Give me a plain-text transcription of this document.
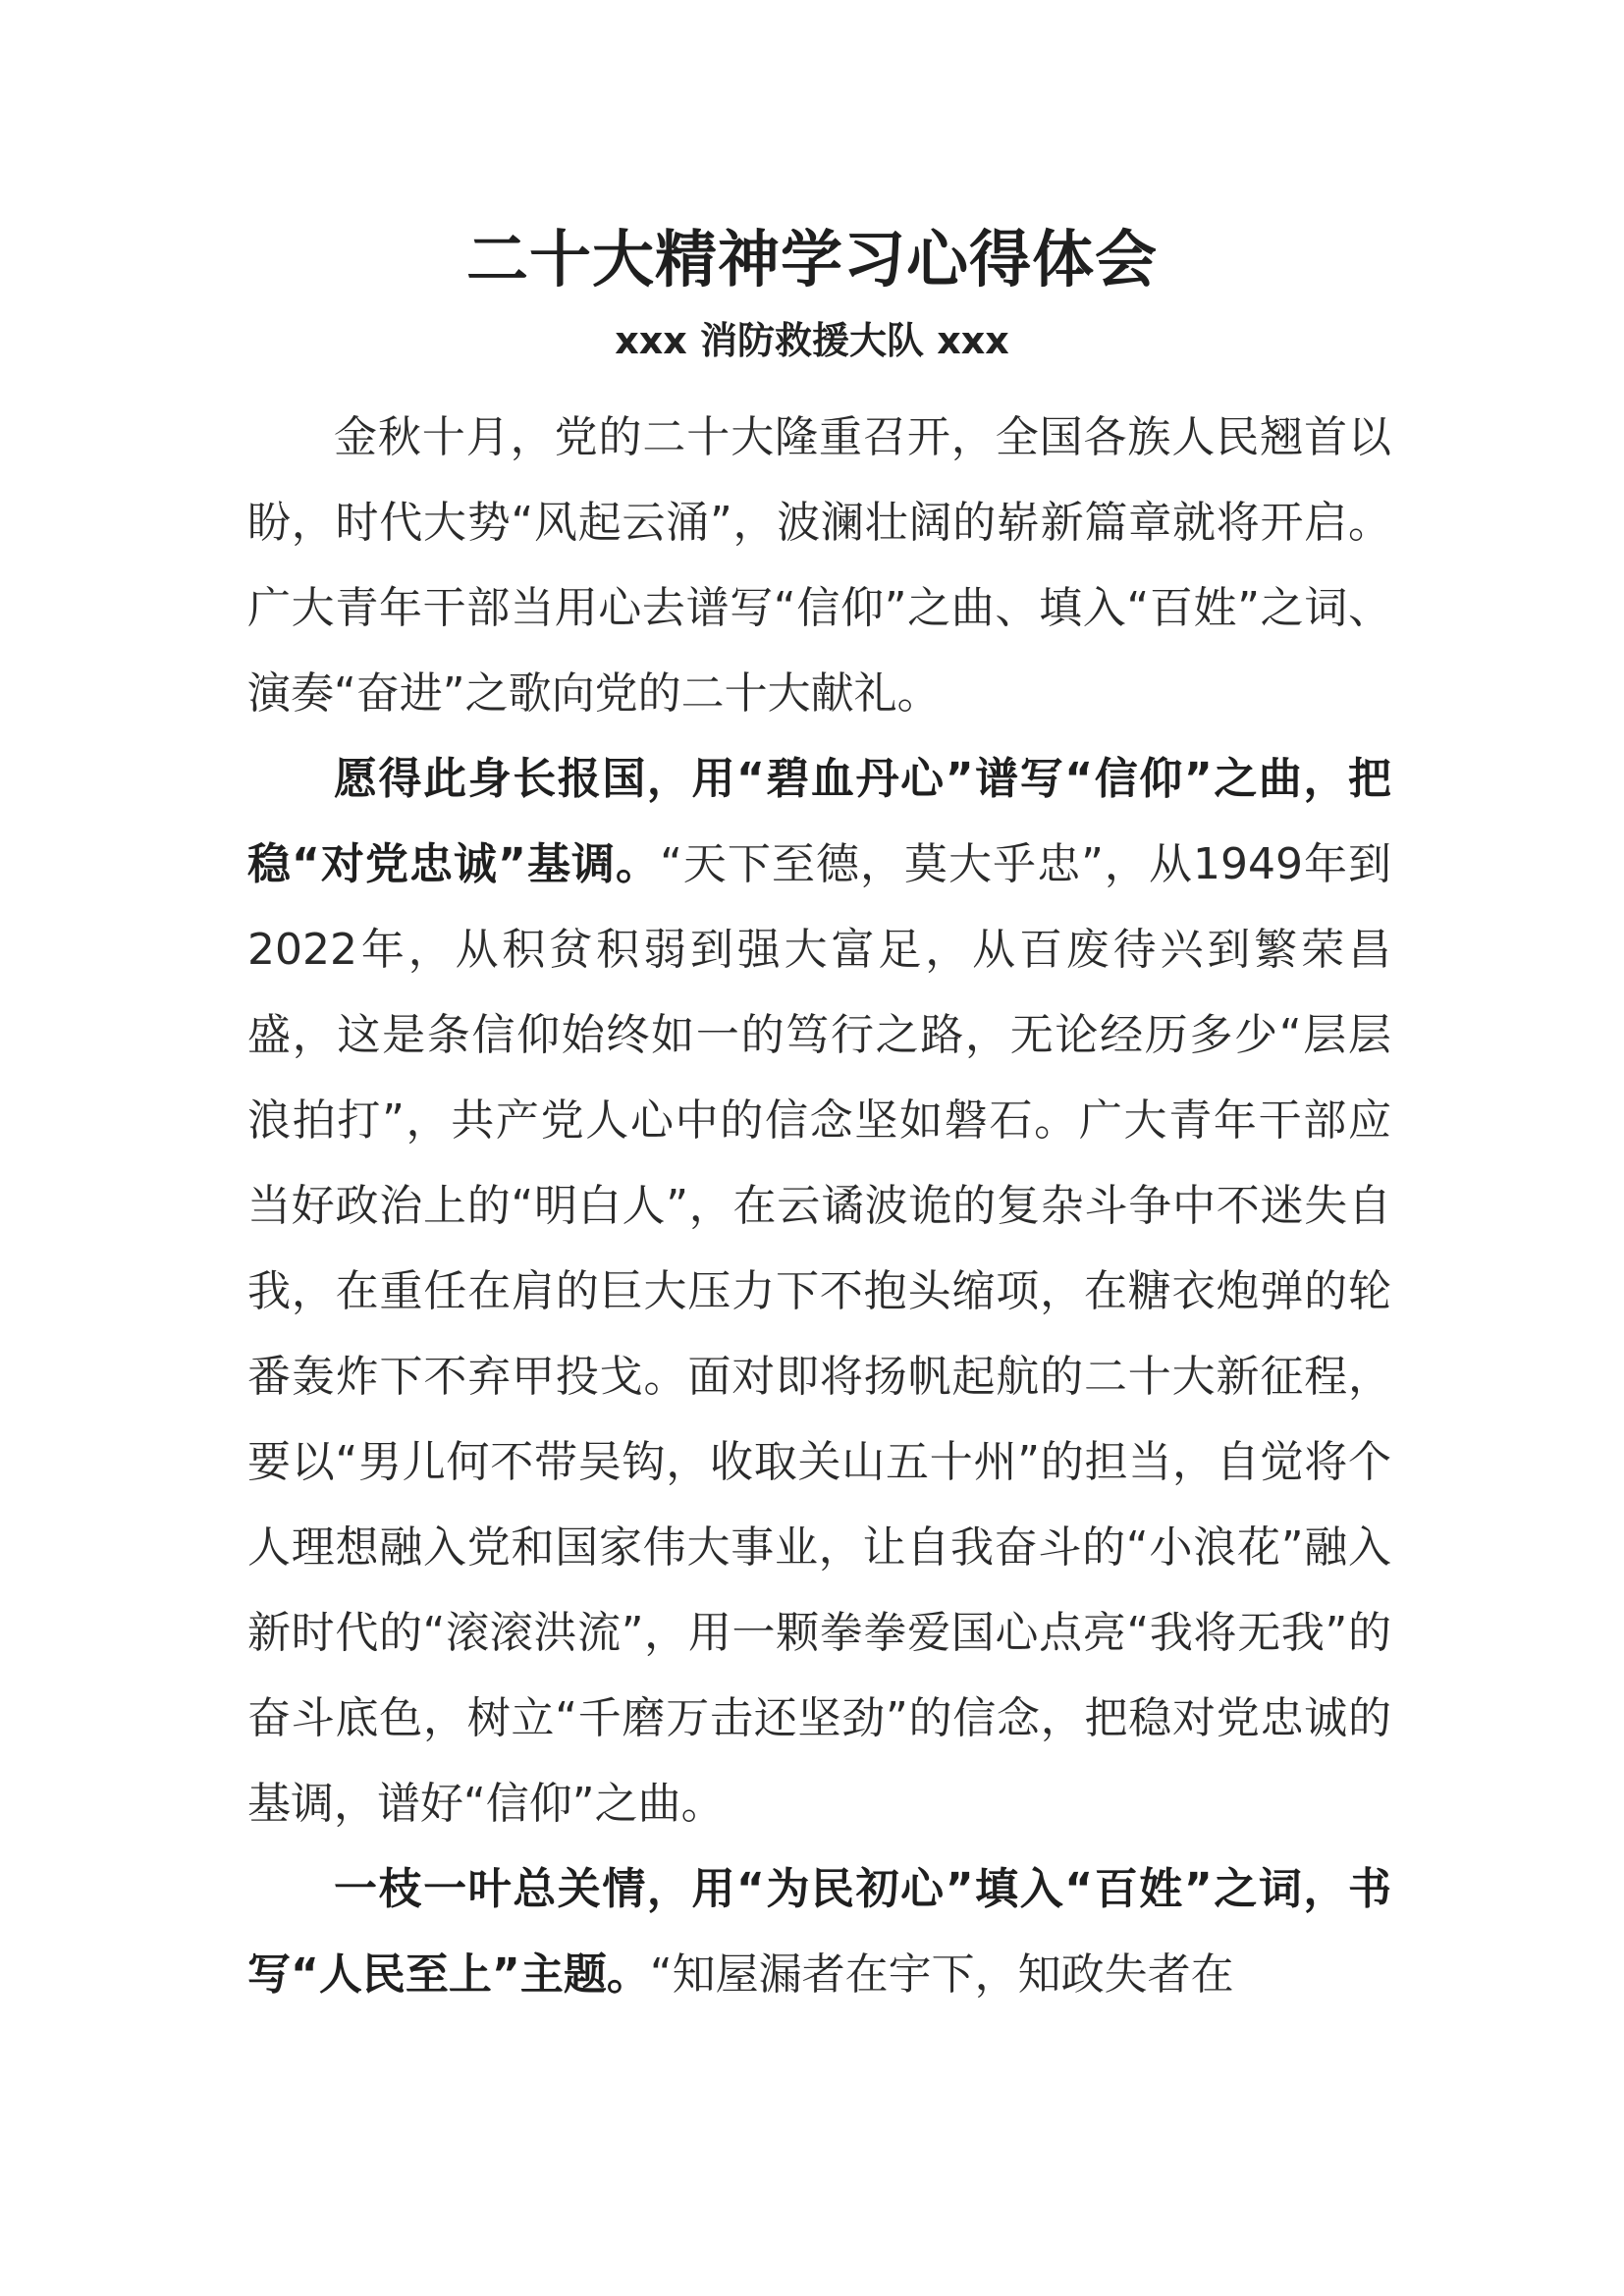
二十大精神学习心得体会
xxx 消防救援大队 xxx

金秋十月，党的二十大隆重召开，全国各族人民翘首以盼，时代大势“风起云涌”，波澜壮阔的崭新篇章就将开启。广大青年干部当用心去谱写“信仰”之曲、填入“百姓”之词、演奏“奋进”之歌向党的二十大献礼。

愿得此身长报国，用“碧血丹心”谱写“信仰”之曲，把稳“对党忠诚”基调。“天下至德，莫大乎忠”，从1949年到2022年，从积贫积弱到强大富足，从百废待兴到繁荣昌盛，这是条信仰始终如一的笃行之路，无论经历多少“层层浪拍打”，共产党人心中的信念坚如磐石。广大青年干部应当好政治上的“明白人”，在云谲波诡的复杂斗争中不迷失自我，在重任在肩的巨大压力下不抱头缩项，在糖衣炮弹的轮番轰炸下不弃甲投戈。面对即将扬帆起航的二十大新征程，要以“男儿何不带吴钩，收取关山五十州”的担当，自觉将个人理想融入党和国家伟大事业，让自我奋斗的“小浪花”融入新时代的“滚滚洪流”，用一颗拳拳爱国心点亮“我将无我”的奋斗底色，树立“千磨万击还坚劲”的信念，把稳对党忠诚的基调，谱好“信仰”之曲。

一枝一叶总关情，用“为民初心”填入“百姓”之词，书写“人民至上”主题。“知屋漏者在宇下，知政失者在
